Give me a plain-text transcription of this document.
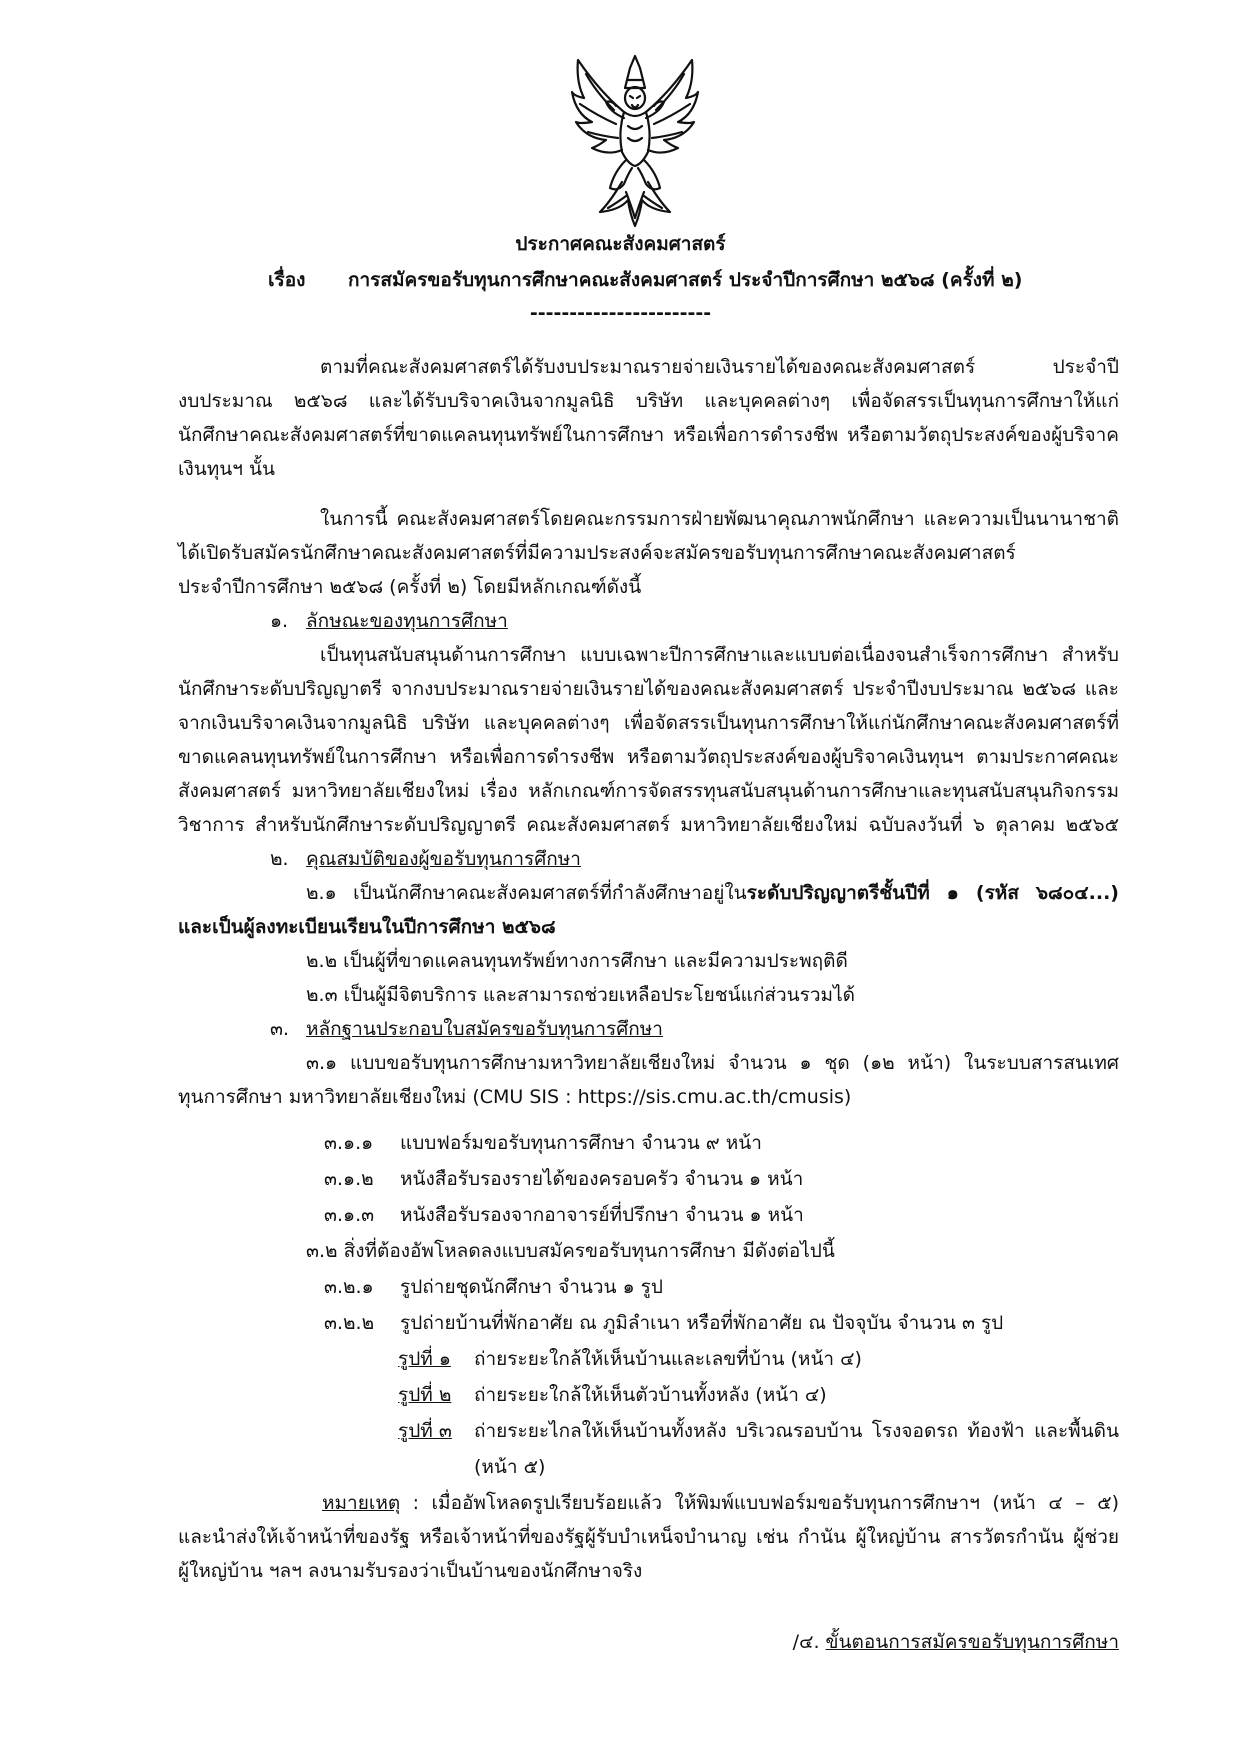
ประกาศคณะสังคมศาสตร์
เรื่อง การสมัครขอรับทุนการศึกษาคณะสังคมศาสตร์ ประจำปีการศึกษา ๒๕๖๘ (ครั้งที่ ๒)
-----------------------
ตามที่คณะสังคมศาสตร์ได้รับงบประมาณรายจ่ายเงินรายได้ของคณะสังคมศาสตร์ ประจำปี
งบประมาณ ๒๕๖๘ และได้รับบริจาคเงินจากมูลนิธิ บริษัท และบุคคลต่างๆ เพื่อจัดสรรเป็นทุนการศึกษาให้แก่
นักศึกษาคณะสังคมศาสตร์ที่ขาดแคลนทุนทรัพย์ในการศึกษา หรือเพื่อการดำรงชีพ หรือตามวัตถุประสงค์ของผู้บริจาค
เงินทุนฯ นั้น
ในการนี้ คณะสังคมศาสตร์โดยคณะกรรมการฝ่ายพัฒนาคุณภาพนักศึกษา และความเป็นนานาชาติ
ได้เปิดรับสมัครนักศึกษาคณะสังคมศาสตร์ที่มีความประสงค์จะสมัครขอรับทุนการศึกษาคณะสังคมศาสตร์
ประจำปีการศึกษา ๒๕๖๘ (ครั้งที่ ๒) โดยมีหลักเกณฑ์ดังนี้
๑. ลักษณะของทุนการศึกษา
เป็นทุนสนับสนุนด้านการศึกษา แบบเฉพาะปีการศึกษาและแบบต่อเนื่องจนสำเร็จการศึกษา สำหรับ
นักศึกษาระดับปริญญาตรี จากงบประมาณรายจ่ายเงินรายได้ของคณะสังคมศาสตร์ ประจำปีงบประมาณ ๒๕๖๘ และ
จากเงินบริจาคเงินจากมูลนิธิ บริษัท และบุคคลต่างๆ เพื่อจัดสรรเป็นทุนการศึกษาให้แก่นักศึกษาคณะสังคมศาสตร์ที่
ขาดแคลนทุนทรัพย์ในการศึกษา หรือเพื่อการดำรงชีพ หรือตามวัตถุประสงค์ของผู้บริจาคเงินทุนฯ ตามประกาศคณะ
สังคมศาสตร์ มหาวิทยาลัยเชียงใหม่ เรื่อง หลักเกณฑ์การจัดสรรทุนสนับสนุนด้านการศึกษาและทุนสนับสนุนกิจกรรม
วิชาการ สำหรับนักศึกษาระดับปริญญาตรี คณะสังคมศาสตร์ มหาวิทยาลัยเชียงใหม่ ฉบับลงวันที่ ๖ ตุลาคม ๒๕๖๕
๒. คุณสมบัติของผู้ขอรับทุนการศึกษา
๒.๑ เป็นนักศึกษาคณะสังคมศาสตร์ที่กำลังศึกษาอยู่ในระดับปริญญาตรีชั้นปีที่ ๑ (รหัส ๖๘๐๔...)
และเป็นผู้ลงทะเบียนเรียนในปีการศึกษา ๒๕๖๘
๒.๒ เป็นผู้ที่ขาดแคลนทุนทรัพย์ทางการศึกษา และมีความประพฤติดี
๒.๓ เป็นผู้มีจิตบริการ และสามารถช่วยเหลือประโยชน์แก่ส่วนรวมได้
๓. หลักฐานประกอบใบสมัครขอรับทุนการศึกษา
๓.๑ แบบขอรับทุนการศึกษามหาวิทยาลัยเชียงใหม่ จำนวน ๑ ชุด (๑๒ หน้า) ในระบบสารสนเทศ
ทุนการศึกษา มหาวิทยาลัยเชียงใหม่ (CMU SIS : https://sis.cmu.ac.th/cmusis)
๓.๑.๑ แบบฟอร์มขอรับทุนการศึกษา จำนวน ๙ หน้า
๓.๑.๒ หนังสือรับรองรายได้ของครอบครัว จำนวน ๑ หน้า
๓.๑.๓ หนังสือรับรองจากอาจารย์ที่ปรึกษา จำนวน ๑ หน้า
๓.๒ สิ่งที่ต้องอัพโหลดลงแบบสมัครขอรับทุนการศึกษา มีดังต่อไปนี้
๓.๒.๑ รูปถ่ายชุดนักศึกษา จำนวน ๑ รูป
๓.๒.๒ รูปถ่ายบ้านที่พักอาศัย ณ ภูมิลำเนา หรือที่พักอาศัย ณ ปัจจุบัน จำนวน ๓ รูป
รูปที่ ๑ ถ่ายระยะใกล้ให้เห็นบ้านและเลขที่บ้าน (หน้า ๔)
รูปที่ ๒ ถ่ายระยะใกล้ให้เห็นตัวบ้านทั้งหลัง (หน้า ๔)
รูปที่ ๓ ถ่ายระยะไกลให้เห็นบ้านทั้งหลัง บริเวณรอบบ้าน โรงจอดรถ ท้องฟ้า และพื้นดิน
(หน้า ๕)
หมายเหตุ : เมื่ออัพโหลดรูปเรียบร้อยแล้ว ให้พิมพ์แบบฟอร์มขอรับทุนการศึกษาฯ (หน้า ๔ – ๕)
และนำส่งให้เจ้าหน้าที่ของรัฐ หรือเจ้าหน้าที่ของรัฐผู้รับบำเหน็จบำนาญ เช่น กำนัน ผู้ใหญ่บ้าน สารวัตรกำนัน ผู้ช่วย
ผู้ใหญ่บ้าน ฯลฯ ลงนามรับรองว่าเป็นบ้านของนักศึกษาจริง
/๔. ขั้นตอนการสมัครขอรับทุนการศึกษา
